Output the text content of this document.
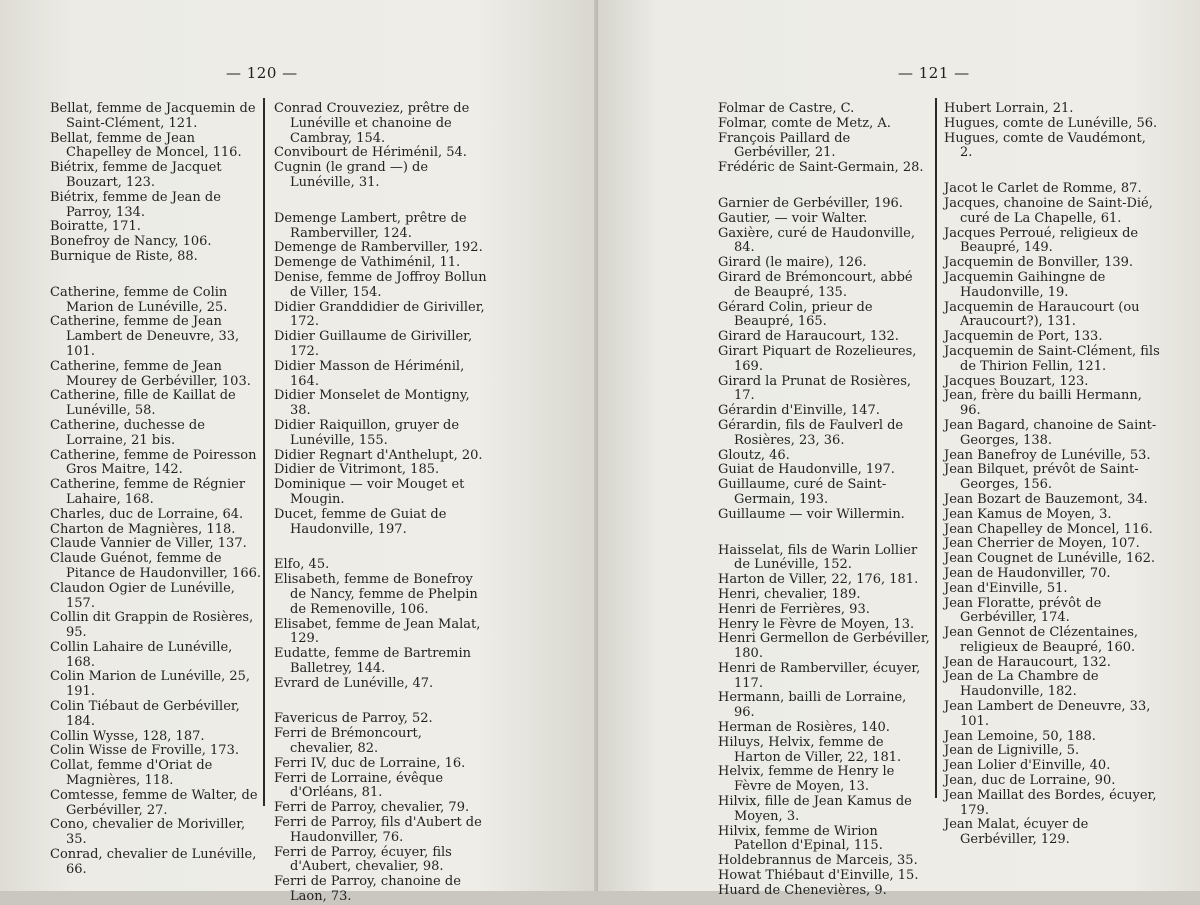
— 120 —
Bellat, femme de Jacquemin de Saint-Clément, 121.
Bellat, femme de Jean Chapelley de Moncel, 116.
Biétrix, femme de Jacquet Bouzart, 123.
Biétrix, femme de Jean de Parroy, 134.
Boiratte, 171.
Bonefroy de Nancy, 106.
Burnique de Riste, 88.
Catherine, femme de Colin Marion de Lunéville, 25.
Catherine, femme de Jean Lambert de Deneuvre, 33, 101.
Catherine, femme de Jean Mourey de Gerbéviller, 103.
Catherine, fille de Kaillat de Lunéville, 58.
Catherine, duchesse de Lorraine, 21 bis.
Catherine, femme de Poiresson Gros Maitre, 142.
Catherine, femme de Régnier Lahaire, 168.
Charles, duc de Lorraine, 64.
Charton de Magnières, 118.
Claude Vannier de Viller, 137.
Claude Guénot, femme de Pitance de Haudonviller, 166.
Claudon Ogier de Lunéville, 157.
Collin dit Grappin de Rosières, 95.
Collin Lahaire de Lunéville, 168.
Colin Marion de Lunéville, 25, 191.
Colin Tiébaut de Gerbéviller, 184.
Collin Wysse, 128, 187.
Colin Wisse de Froville, 173.
Collat, femme d'Oriat de Magnières, 118.
Comtesse, femme de Walter, de Gerbéviller, 27.
Cono, chevalier de Moriviller, 35.
Conrad, chevalier de Lunéville, 66.
Conrad Crouveziez, prêtre de Lunéville et chanoine de Cambray, 154.
Convibourt de Hériménil, 54.
Cugnin (le grand —) de Lunéville, 31.
Demenge Lambert, prêtre de Ramberviller, 124.
Demenge de Ramberviller, 192.
Demenge de Vathiménil, 11.
Denise, femme de Joffroy Bollun de Viller, 154.
Didier Granddidier de Giriviller, 172.
Didier Guillaume de Giriviller, 172.
Didier Masson de Hériménil, 164.
Didier Monselet de Montigny, 38.
Didier Raiquillon, gruyer de Lunéville, 155.
Didier Regnart d'Anthelupt, 20.
Didier de Vitrimont, 185.
Dominique — voir Mouget et Mougin.
Ducet, femme de Guiat de Haudonville, 197.
Elfo, 45.
Elisabeth, femme de Bonefroy de Nancy, femme de Phelpin de Remenoville, 106.
Elisabet, femme de Jean Malat, 129.
Eudatte, femme de Bartremin Balletrey, 144.
Evrard de Lunéville, 47.
Favericus de Parroy, 52.
Ferri de Brémoncourt, chevalier, 82.
Ferri IV, duc de Lorraine, 16.
Ferri de Lorraine, évêque d'Orléans, 81.
Ferri de Parroy, chevalier, 79.
Ferri de Parroy, fils d'Aubert de Haudonviller, 76.
Ferri de Parroy, écuyer, fils d'Aubert, chevalier, 98.
Ferri de Parroy, chanoine de Laon, 73.
— 121 —
Folmar de Castre, C.
Folmar, comte de Metz, A.
François Paillard de Gerbéviller, 21.
Frédéric de Saint-Germain, 28.
Garnier de Gerbéviller, 196.
Gautier, — voir Walter.
Gaxière, curé de Haudonville, 84.
Girard (le maire), 126.
Girard de Brémoncourt, abbé de Beaupré, 135.
Gérard Colin, prieur de Beaupré, 165.
Girard de Haraucourt, 132.
Girart Piquart de Rozelieures, 169.
Girard la Prunat de Rosières, 17.
Gérardin d'Einville, 147.
Gérardin, fils de Faulverl de Rosières, 23, 36.
Gloutz, 46.
Guiat de Haudonville, 197.
Guillaume, curé de Saint-Germain, 193.
Guillaume — voir Willermin.
Haisselat, fils de Warin Lollier de Lunéville, 152.
Harton de Viller, 22, 176, 181.
Henri, chevalier, 189.
Henri de Ferrières, 93.
Henry le Fèvre de Moyen, 13.
Henri Germellon de Gerbéviller, 180.
Henri de Ramberviller, écuyer, 117.
Hermann, bailli de Lorraine, 96.
Herman de Rosières, 140.
Hiluys, Helvix, femme de Harton de Viller, 22, 181.
Helvix, femme de Henry le Fèvre de Moyen, 13.
Hilvix, fille de Jean Kamus de Moyen, 3.
Hilvix, femme de Wirion Patellon d'Epinal, 115.
Holdebrannus de Marceis, 35.
Howat Thiébaut d'Einville, 15.
Huard de Chenevières, 9.
Hubert Lorrain, 21.
Hugues, comte de Lunéville, 56.
Hugues, comte de Vaudémont, 2.
Jacot le Carlet de Romme, 87.
Jacques, chanoine de Saint-Dié, curé de La Chapelle, 61.
Jacques Perroué, religieux de Beaupré, 149.
Jacquemin de Bonviller, 139.
Jacquemin Gaihingne de Haudonville, 19.
Jacquemin de Haraucourt (ou Araucourt?), 131.
Jacquemin de Port, 133.
Jacquemin de Saint-Clément, fils de Thirion Fellin, 121.
Jacques Bouzart, 123.
Jean, frère du bailli Hermann, 96.
Jean Bagard, chanoine de Saint-Georges, 138.
Jean Banefroy de Lunéville, 53.
Jean Bilquet, prévôt de Saint-Georges, 156.
Jean Bozart de Bauzemont, 34.
Jean Kamus de Moyen, 3.
Jean Chapelley de Moncel, 116.
Jean Cherrier de Moyen, 107.
Jean Cougnet de Lunéville, 162.
Jean de Haudonviller, 70.
Jean d'Einville, 51.
Jean Floratte, prévôt de Gerbéviller, 174.
Jean Gennot de Clézentaines, religieux de Beaupré, 160.
Jean de Haraucourt, 132.
Jean de La Chambre de Haudonville, 182.
Jean Lambert de Deneuvre, 33, 101.
Jean Lemoine, 50, 188.
Jean de Ligniville, 5.
Jean Lolier d'Einville, 40.
Jean, duc de Lorraine, 90.
Jean Maillat des Bordes, écuyer, 179.
Jean Malat, écuyer de Gerbéviller, 129.
